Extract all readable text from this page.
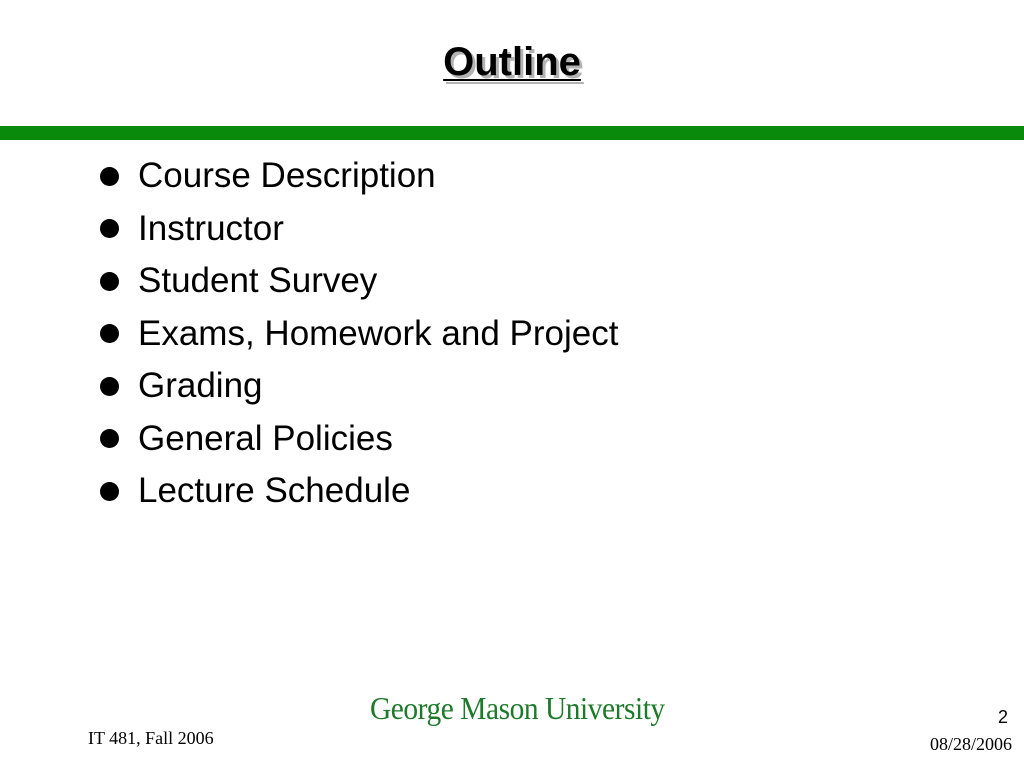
Outline
Course Description
Instructor
Student Survey
Exams, Homework and Project
Grading
General Policies
Lecture Schedule
IT 481, Fall 2006
George Mason University	2
08/28/2006
